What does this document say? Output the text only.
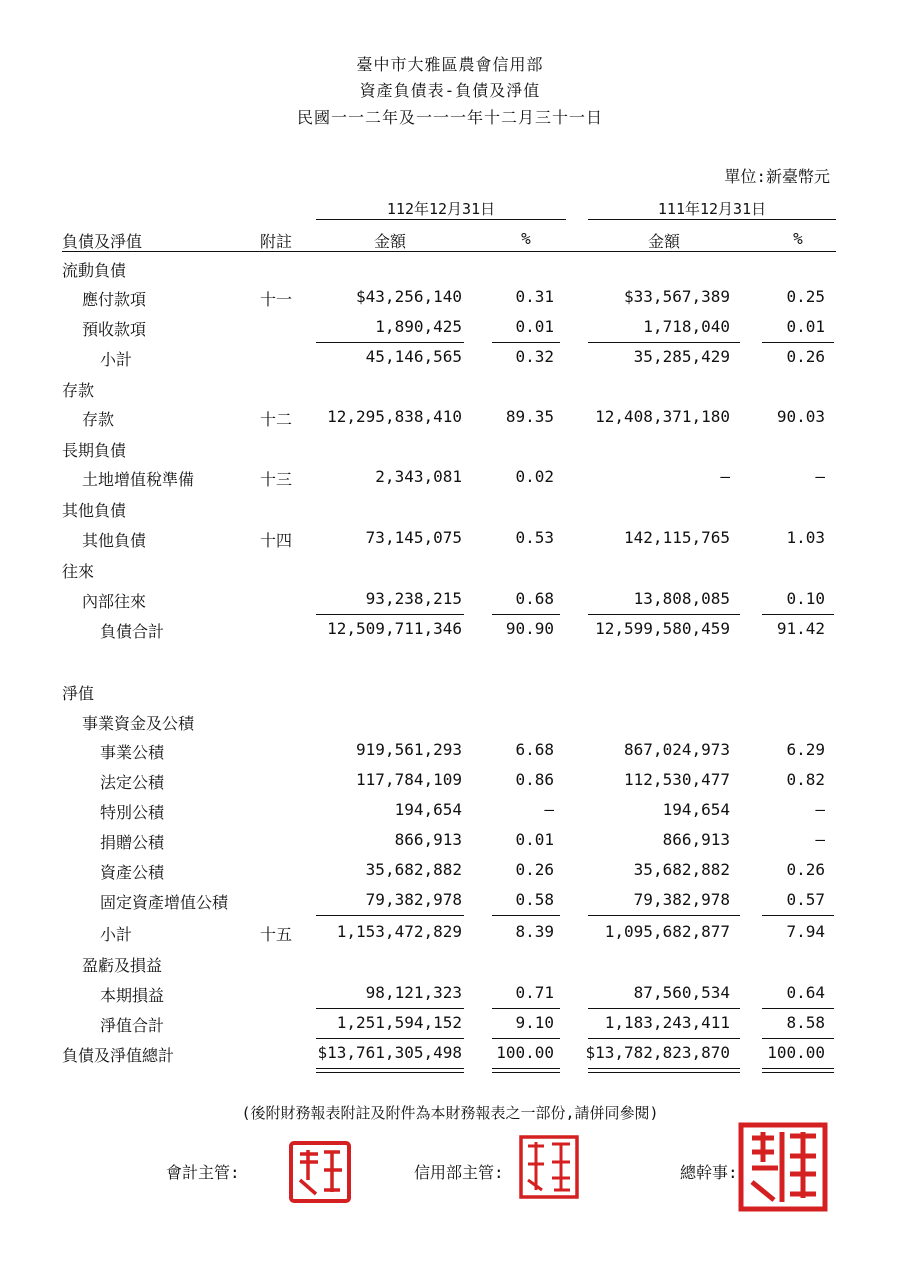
臺中市大雅區農會信用部
資產負債表-負債及淨值
民國一一二年及一一一年十二月三十一日
單位:新臺幣元
112年12月31日	111年12月31日
負債及淨值	附註	金額	%	金額	%
流動負債
應付款項	十一	$43,256,140	0.31	$33,567,389	0.25
預收款項	1,890,425	0.01	1,718,040	0.01
小計	45,146,565	0.32	35,285,429	0.26
存款
存款	十二 12,295,838,410	89.35	12,408,371,180	90.03
長期負債
土地增值稅準備	十三	2,343,081	0.02	—	—
其他負債
其他負債	十四	73,145,075	0.53	142,115,765	1.03
往來
內部往來	93,238,215	0.68	13,808,085	0.10
負債合計	12,509,711,346	90.90	12,599,580,459	91.42
淨值
事業資金及公積
事業公積	919,561,293	6.68	867,024,973	6.29
法定公積	117,784,109	0.86	112,530,477	0.82
特別公積	194,654	—	194,654	—
捐贈公積	866,913	0.01	866,913	—
資產公積	35,682,882	0.26	35,682,882	0.26
固定資產增值公積	79,382,978	0.58	79,382,978	0.57
小計	十五	1,153,472,829	8.39	1,095,682,877	7.94
盈虧及損益
本期損益	98,121,323	0.71	87,560,534	0.64
淨值合計	1,251,594,152	9.10	1,183,243,411	8.58
負債及淨值總計	$13,761,305,498 100.00 $13,782,823,870 100.00
(後附財務報表附註及附件為本財務報表之一部份,請併同參閱)
會計主管:	信用部主管:	總幹事:
